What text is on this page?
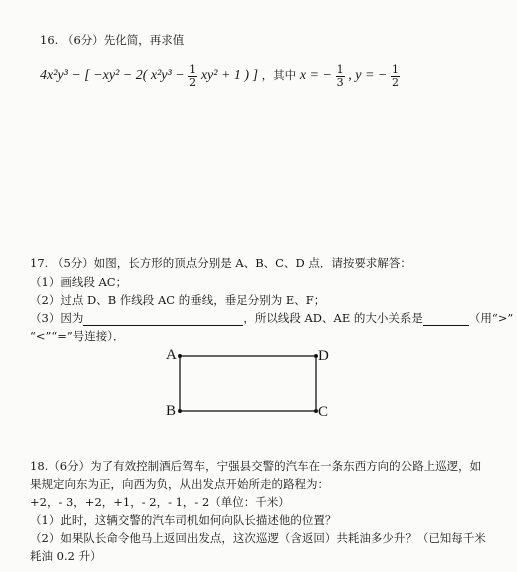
16. （6分）先化简，再求值
4x²y³ − [ −xy² − 2( $x^2y^3 - \frac{1}{2} xy^2 + 1$ ) ] ，其中 x = − $\frac{1}{3}$ , y = − $\frac{1}{2}$
17. （5分）如图，长方形的顶点分别是 A、B、C、D 点．请按要求解答：
（1）画线段 AC；
（2）过点 D、B 作线段 AC 的垂线，垂足分别为 E、F；
（3）因为	，所以线段 AD、AE 的大小关系是	（用“>”
“<”“=”号连接）．
A	D
B	C
18.（6分）为了有效控制酒后驾车，宁强县交警的汽车在一条东西方向的公路上巡逻，如
果规定向东为正，向西为负，从出发点开始所走的路程为：
+2，- 3，+2，+1，- 2，- 1，- 2（单位：千米）
（1）此时，这辆交警的汽车司机如何向队长描述他的位置？
（2）如果队长命令他马上返回出发点，这次巡逻（含返回）共耗油多少升？（已知每千米
耗油 0.2 升）
